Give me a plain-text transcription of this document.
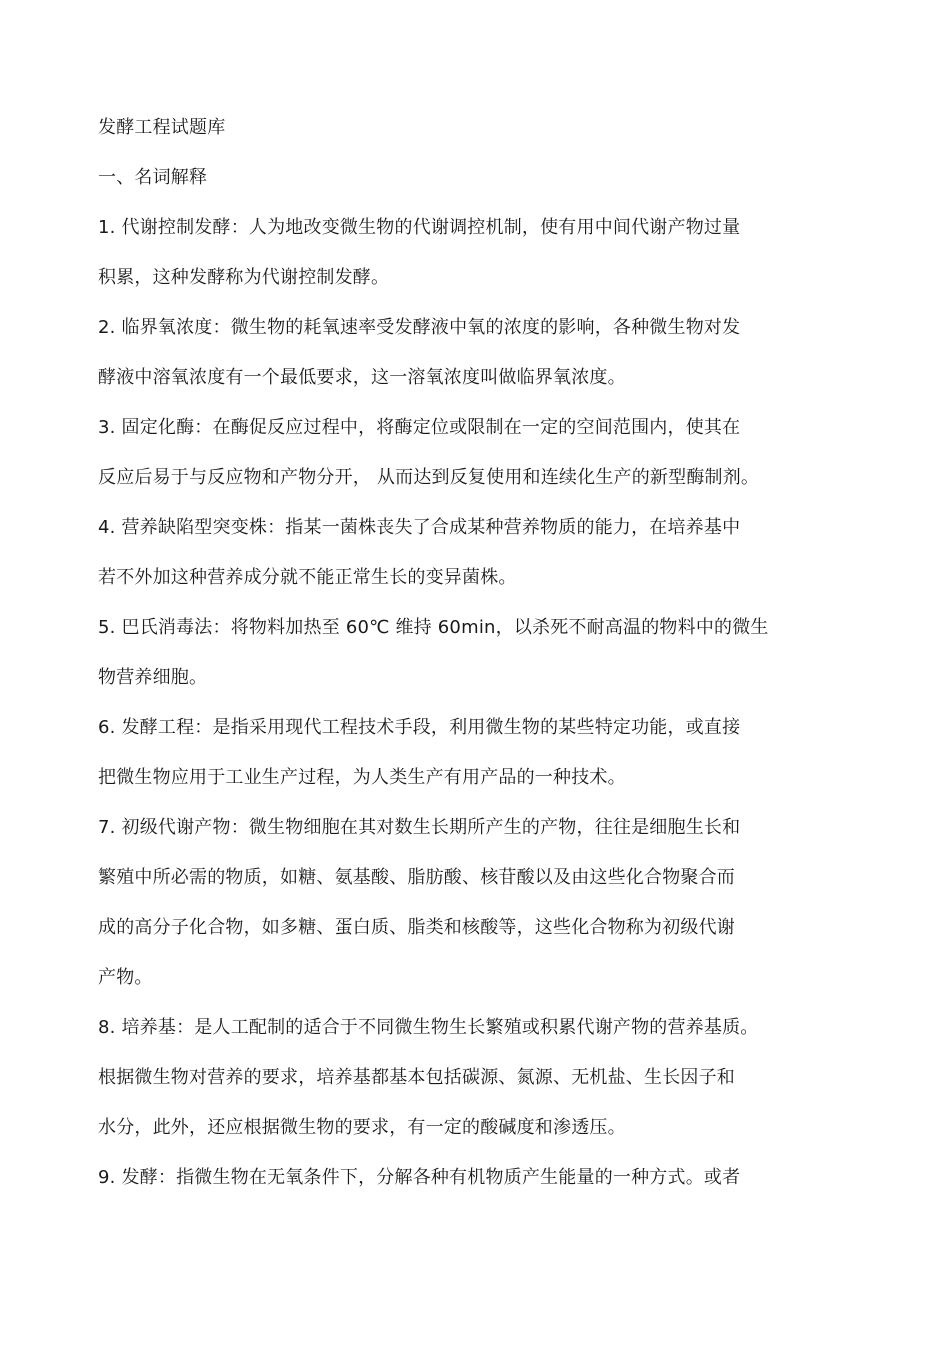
发酵工程试题库

一、名词解释

1. 代谢控制发酵：人为地改变微生物的代谢调控机制，使有用中间代谢产物过量

积累，这种发酵称为代谢控制发酵。

2. 临界氧浓度：微生物的耗氧速率受发酵液中氧的浓度的影响，各种微生物对发

酵液中溶氧浓度有一个最低要求，这一溶氧浓度叫做临界氧浓度。

3. 固定化酶：在酶促反应过程中，将酶定位或限制在一定的空间范围内，使其在

反应后易于与反应物和产物分开， 从而达到反复使用和连续化生产的新型酶制剂。

4. 营养缺陷型突变株：指某一菌株丧失了合成某种营养物质的能力，在培养基中

若不外加这种营养成分就不能正常生长的变异菌株。

5. 巴氏消毒法：将物料加热至 60℃ 维持 60min，以杀死不耐高温的物料中的微生

物营养细胞。

6. 发酵工程：是指采用现代工程技术手段，利用微生物的某些特定功能，或直接

把微生物应用于工业生产过程，为人类生产有用产品的一种技术。

7. 初级代谢产物：微生物细胞在其对数生长期所产生的产物，往往是细胞生长和

繁殖中所必需的物质，如糖、氨基酸、脂肪酸、核苷酸以及由这些化合物聚合而

成的高分子化合物，如多糖、蛋白质、脂类和核酸等，这些化合物称为初级代谢

产物。

8. 培养基：是人工配制的适合于不同微生物生长繁殖或积累代谢产物的营养基质。

根据微生物对营养的要求，培养基都基本包括碳源、氮源、无机盐、生长因子和

水分，此外，还应根据微生物的要求，有一定的酸碱度和渗透压。

9. 发酵：指微生物在无氧条件下，分解各种有机物质产生能量的一种方式。或者
